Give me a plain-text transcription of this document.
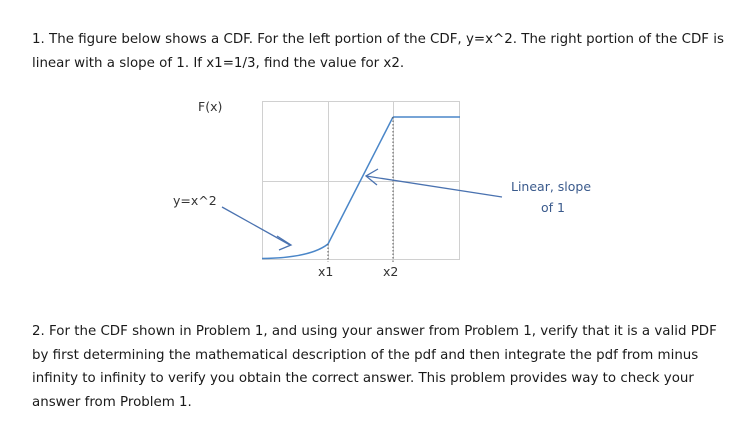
1. The figure below shows a CDF. For the left portion of the CDF, y=x^2. The right portion of the CDF is linear with a slope of 1. If x1=1/3, find the value for x2.

F(x)
y=x^2
Linear, slope
of 1
x1	x2

2. For the CDF shown in Problem 1, and using your answer from Problem 1, verify that it is a valid PDF by first determining the mathematical description of the pdf and then integrate the pdf from minus infinity to infinity to verify you obtain the correct answer. This problem provides way to check your answer from Problem 1.
